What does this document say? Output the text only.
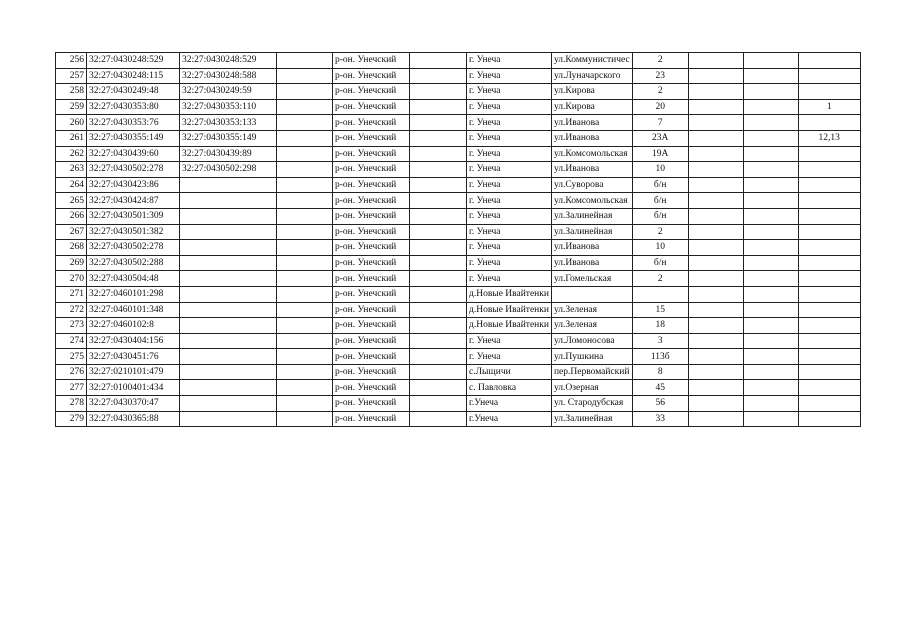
256	32:27:0430248:529	32:27:0430248:529		р-он. Унечский		г. Унеча	ул.Коммунистичес	2			
257	32:27:0430248:115	32:27:0430248:588		р-он. Унечский		г. Унеча	ул.Луначарского	23			
258	32:27:0430249:48	32:27:0430249:59		р-он. Унечский		г. Унеча	ул.Кирова	2			
259	32:27:0430353:80	32:27:0430353:110		р-он. Унечский		г. Унеча	ул.Кирова	20			1
260	32:27:0430353:76	32:27:0430353:133		р-он. Унечский		г. Унеча	ул.Иванова	7			
261	32:27:0430355:149	32:27:0430355:149		р-он. Унечский		г. Унеча	ул.Иванова	23А			12,13
262	32:27:0430439:60	32:27:0430439:89		р-он. Унечский		г. Унеча	ул.Комсомольская	19А			
263	32:27:0430502:278	32:27:0430502:298		р-он. Унечский		г. Унеча	ул.Иванова	10			
264	32:27:0430423:86			р-он. Унечский		г. Унеча	ул.Суворова	б/н			
265	32:27:0430424:87			р-он. Унечский		г. Унеча	ул.Комсомольская	б/н			
266	32:27:0430501:309			р-он. Унечский		г. Унеча	ул.Залинейная	б/н			
267	32:27:0430501:382			р-он. Унечский		г. Унеча	ул.Залинейная	2			
268	32:27:0430502:278			р-он. Унечский		г. Унеча	ул.Иванова	10			
269	32:27:0430502:288			р-он. Унечский		г. Унеча	ул.Иванова	б/н			
270	32:27:0430504:48			р-он. Унечский		г. Унеча	ул.Гомельская	2			
271	32:27:0460101:298			р-он. Унечский		д.Новые Ивайтенки					
272	32:27:0460101:348			р-он. Унечский		д.Новые Ивайтенки	ул.Зеленая	15			
273	32:27:0460102:8			р-он. Унечский		д.Новые Ивайтенки	ул.Зеленая	18			
274	32:27:0430404:156			р-он. Унечский		г. Унеча	ул.Ломоносова	3			
275	32:27:0430451:76			р-он. Унечский		г. Унеча	ул.Пушкина	113б			
276	32:27:0210101:479			р-он. Унечский		с.Лыщичи	пер.Первомайский	8			
277	32:27:0100401:434			р-он. Унечский		с. Павловка	ул.Озерная	45			
278	32:27:0430370:47			р-он. Унечский		г.Унеча	ул. Стародубская	56			
279	32:27:0430365:88			р-он. Унечский		г.Унеча	ул.Залинейная	33			
